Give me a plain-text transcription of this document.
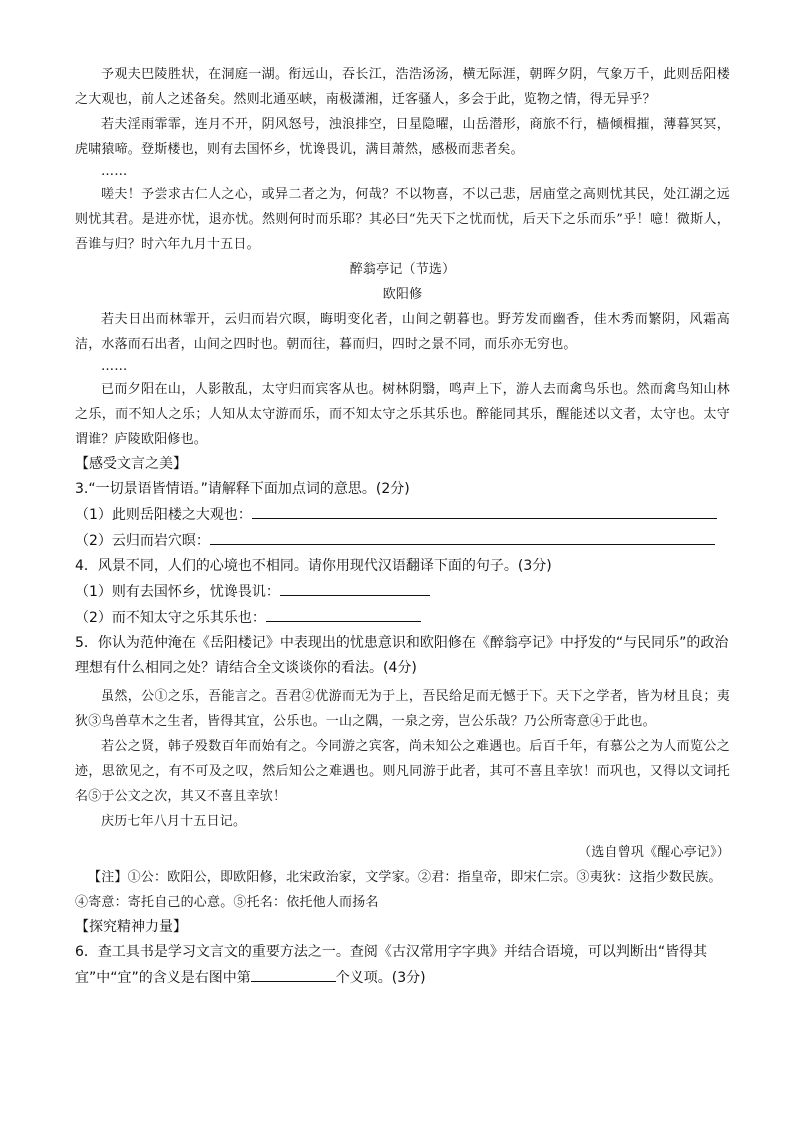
予观夫巴陵胜状，在洞庭一湖。衔远山，吞长江，浩浩汤汤，横无际涯，朝晖夕阴，气象万千，此则岳阳楼之大观也，前人之述备矣。然则北通巫峡，南极潇湘，迁客骚人，多会于此，览物之情，得无异乎？

若夫淫雨霏霏，连月不开，阴风怒号，浊浪排空，日星隐曜，山岳潜形，商旅不行，樯倾楫摧，薄暮冥冥，虎啸猿啼。登斯楼也，则有去国怀乡，忧谗畏讥，满目萧然，感极而悲者矣。

……

嗟夫！予尝求古仁人之心，或异二者之为，何哉？不以物喜，不以己悲，居庙堂之高则忧其民，处江湖之远则忧其君。是进亦忧，退亦忧。然则何时而乐耶？其必曰“先天下之忧而忧，后天下之乐而乐”乎！噫！微斯人，吾谁与归？时六年九月十五日。

醉翁亭记（节选）

欧阳修

若夫日出而林霏开，云归而岩穴暝，晦明变化者，山间之朝暮也。野芳发而幽香，佳木秀而繁阴，风霜高洁，水落而石出者，山间之四时也。朝而往，暮而归，四时之景不同，而乐亦无穷也。

……

已而夕阳在山，人影散乱，太守归而宾客从也。树林阴翳，鸣声上下，游人去而禽鸟乐也。然而禽鸟知山林之乐，而不知人之乐；人知从太守游而乐，而不知太守之乐其乐也。醉能同其乐，醒能述以文者，太守也。太守谓谁？庐陵欧阳修也。

【感受文言之美】

3.“一切景语皆情语。”请解释下面加点词的意思。(2分)

（1）此则岳阳楼之大观也：

（2）云归而岩穴暝：

4．风景不同，人们的心境也不相同。请你用现代汉语翻译下面的句子。(3分)

（1）则有去国怀乡，忧谗畏讥：

（2）而不知太守之乐其乐也：

5．你认为范仲淹在《岳阳楼记》中表现出的忧患意识和欧阳修在《醉翁亭记》中抒发的“与民同乐”的政治理想有什么相同之处？请结合全文谈谈你的看法。(4分)

虽然，公①之乐，吾能言之。吾君②优游而无为于上，吾民给足而无憾于下。天下之学者，皆为材且良；夷狄③鸟兽草木之生者，皆得其宜，公乐也。一山之隅，一泉之旁，岂公乐哉？乃公所寄意④于此也。

若公之贤，韩子殁数百年而始有之。今同游之宾客，尚未知公之难遇也。后百千年，有慕公之为人而览公之迹，思欲见之，有不可及之叹，然后知公之难遇也。则凡同游于此者，其可不喜且幸欤！而巩也，又得以文词托名⑤于公文之次，其又不喜且幸欤！

庆历七年八月十五日记。

（选自曾巩《醒心亭记》）

【注】①公：欧阳公，即欧阳修，北宋政治家，文学家。②君：指皇帝，即宋仁宗。③夷狄：这指少数民族。④寄意：寄托自己的心意。⑤托名：依托他人而扬名

【探究精神力量】

6．查工具书是学习文言文的重要方法之一。查阅《古汉常用字字典》并结合语境，可以判断出“皆得其宜”中“宜”的含义是右图中第	个义项。(3分)
